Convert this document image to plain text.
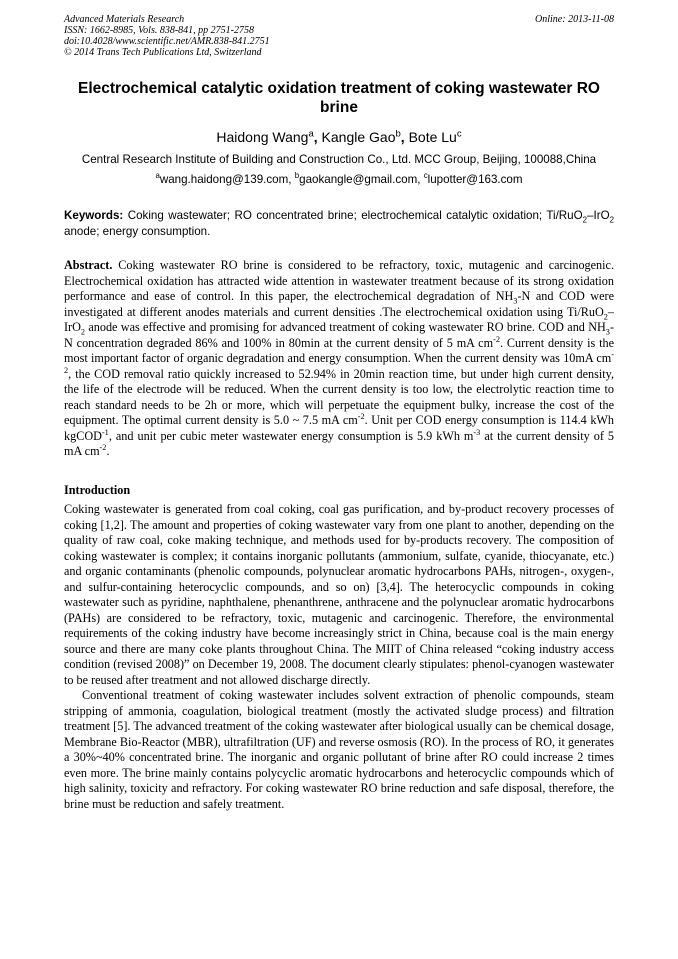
Advanced Materials Research
ISSN: 1662-8985, Vols. 838-841, pp 2751-2758
doi:10.4028/www.scientific.net/AMR.838-841.2751
© 2014 Trans Tech Publications Ltd, Switzerland
Online: 2013-11-08
Electrochemical catalytic oxidation treatment of coking wastewater RO brine
Haidong Wang$^a$, Kangle Gao$^b$, Bote Lu$^c$
Central Research Institute of Building and Construction Co., Ltd. MCC Group, Beijing, 100088,China
$^a$wang.haidong@139.com, $^b$gaokangle@gmail.com, $^c$lupotter@163.com
Keywords: Coking wastewater; RO concentrated brine; electrochemical catalytic oxidation; Ti/RuO$_2$–IrO$_2$ anode; energy consumption.
Abstract. Coking wastewater RO brine is considered to be refractory, toxic, mutagenic and carcinogenic. Electrochemical oxidation has attracted wide attention in wastewater treatment because of its strong oxidation performance and ease of control. In this paper, the electrochemical degradation of $NH_3-N$ and COD were investigated at different anodes materials and current densities .The electrochemical oxidation using Ti/RuO$_2$–IrO$_2$ anode was effective and promising for advanced treatment of coking wastewater RO brine. COD and $NH_3-N$ concentration degraded 86% and 100% in 80min at the current density of 5 mA $cm^{-2}$. Current density is the most important factor of organic degradation and energy consumption. When the current density was 10mA $cm^{-2}$, the COD removal ratio quickly increased to 52.94% in 20min reaction time, but under high current density, the life of the electrode will be reduced. When the current density is too low, the electrolytic reaction time to reach standard needs to be 2h or more, which will perpetuate the equipment bulky, increase the cost of the equipment. The optimal current density is 5.0 ~ 7.5 mA $cm^{-2}$. Unit per COD energy consumption is 114.4 kWh kgCOD$^{-1}$, and unit per cubic meter wastewater energy consumption is 5.9 kWh $m^{-3}$ at the current density of 5 mA $cm^{-2}$.
Introduction
Coking wastewater is generated from coal coking, coal gas purification, and by-product recovery processes of coking [1,2]. The amount and properties of coking wastewater vary from one plant to another, depending on the quality of raw coal, coke making technique, and methods used for by-products recovery. The composition of coking wastewater is complex; it contains inorganic pollutants (ammonium, sulfate, cyanide, thiocyanate, etc.) and organic contaminants (phenolic compounds, polynuclear aromatic hydrocarbons PAHs, nitrogen-, oxygen-, and sulfur-containing heterocyclic compounds, and so on) [3,4]. The heterocyclic compounds in coking wastewater such as pyridine, naphthalene, phenanthrene, anthracene and the polynuclear aromatic hydrocarbons (PAHs) are considered to be refractory, toxic, mutagenic and carcinogenic. Therefore, the environmental requirements of the coking industry have become increasingly strict in China, because coal is the main energy source and there are many coke plants throughout China. The MIIT of China released “coking industry access condition (revised 2008)” on December 19, 2008. The document clearly stipulates: phenol-cyanogen wastewater to be reused after treatment and not allowed discharge directly.
Conventional treatment of coking wastewater includes solvent extraction of phenolic compounds, steam stripping of ammonia, coagulation, biological treatment (mostly the activated sludge process) and filtration treatment [5]. The advanced treatment of the coking wastewater after biological usually can be chemical dosage, Membrane Bio-Reactor (MBR), ultrafiltration (UF) and reverse osmosis (RO). In the process of RO, it generates a 30%~40% concentrated brine. The inorganic and organic pollutant of brine after RO could increase 2 times even more. The brine mainly contains polycyclic aromatic hydrocarbons and heterocyclic compounds which of high salinity, toxicity and refractory. For coking wastewater RO brine reduction and safe disposal, therefore, the brine must be reduction and safely treatment.
